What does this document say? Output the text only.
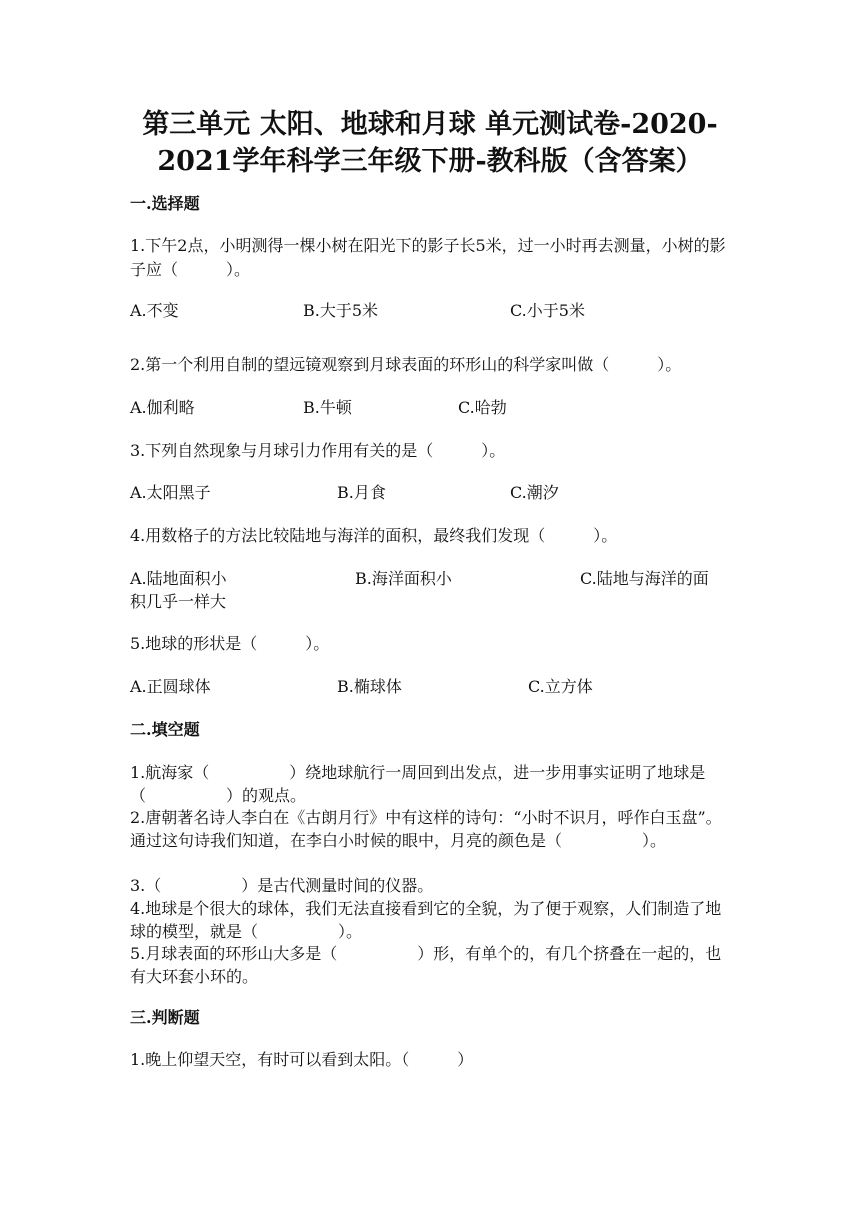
第三单元 太阳、地球和月球 单元测试卷-2020-
2021学年科学三年级下册-教科版（含答案）
一.选择题
1.下午2点，小明测得一棵小树在阳光下的影子长5米，过一小时再去测量，小树的影子应（　　　）。
A.不变	B.大于5米	C.小于5米
2.第一个利用自制的望远镜观察到月球表面的环形山的科学家叫做（　　　）。
A.伽利略	B.牛顿	C.哈勃
3.下列自然现象与月球引力作用有关的是（　　　）。
A.太阳黑子	B.月食	C.潮汐
4.用数格子的方法比较陆地与海洋的面积，最终我们发现（　　　）。
A.陆地面积小	B.海洋面积小	C.陆地与海洋的面
积几乎一样大
5.地球的形状是（　　　）。
A.正圆球体	B.椭球体	C.立方体
二.填空题
1.航海家（　　　　　）绕地球航行一周回到出发点，进一步用事实证明了地球是（　　　　　）的观点。
2.唐朝著名诗人李白在《古朗月行》中有这样的诗句：“小时不识月，呼作白玉盘”。通过这句诗我们知道，在李白小时候的眼中，月亮的颜色是（　　　　　）。
3.（　　　　　）是古代测量时间的仪器。
4.地球是个很大的球体，我们无法直接看到它的全貌，为了便于观察，人们制造了地球的模型，就是（　　　　　）。
5.月球表面的环形山大多是（　　　　　）形，有单个的，有几个挤叠在一起的，也有大环套小环的。
三.判断题
1.晚上仰望天空，有时可以看到太阳。（　　　）
